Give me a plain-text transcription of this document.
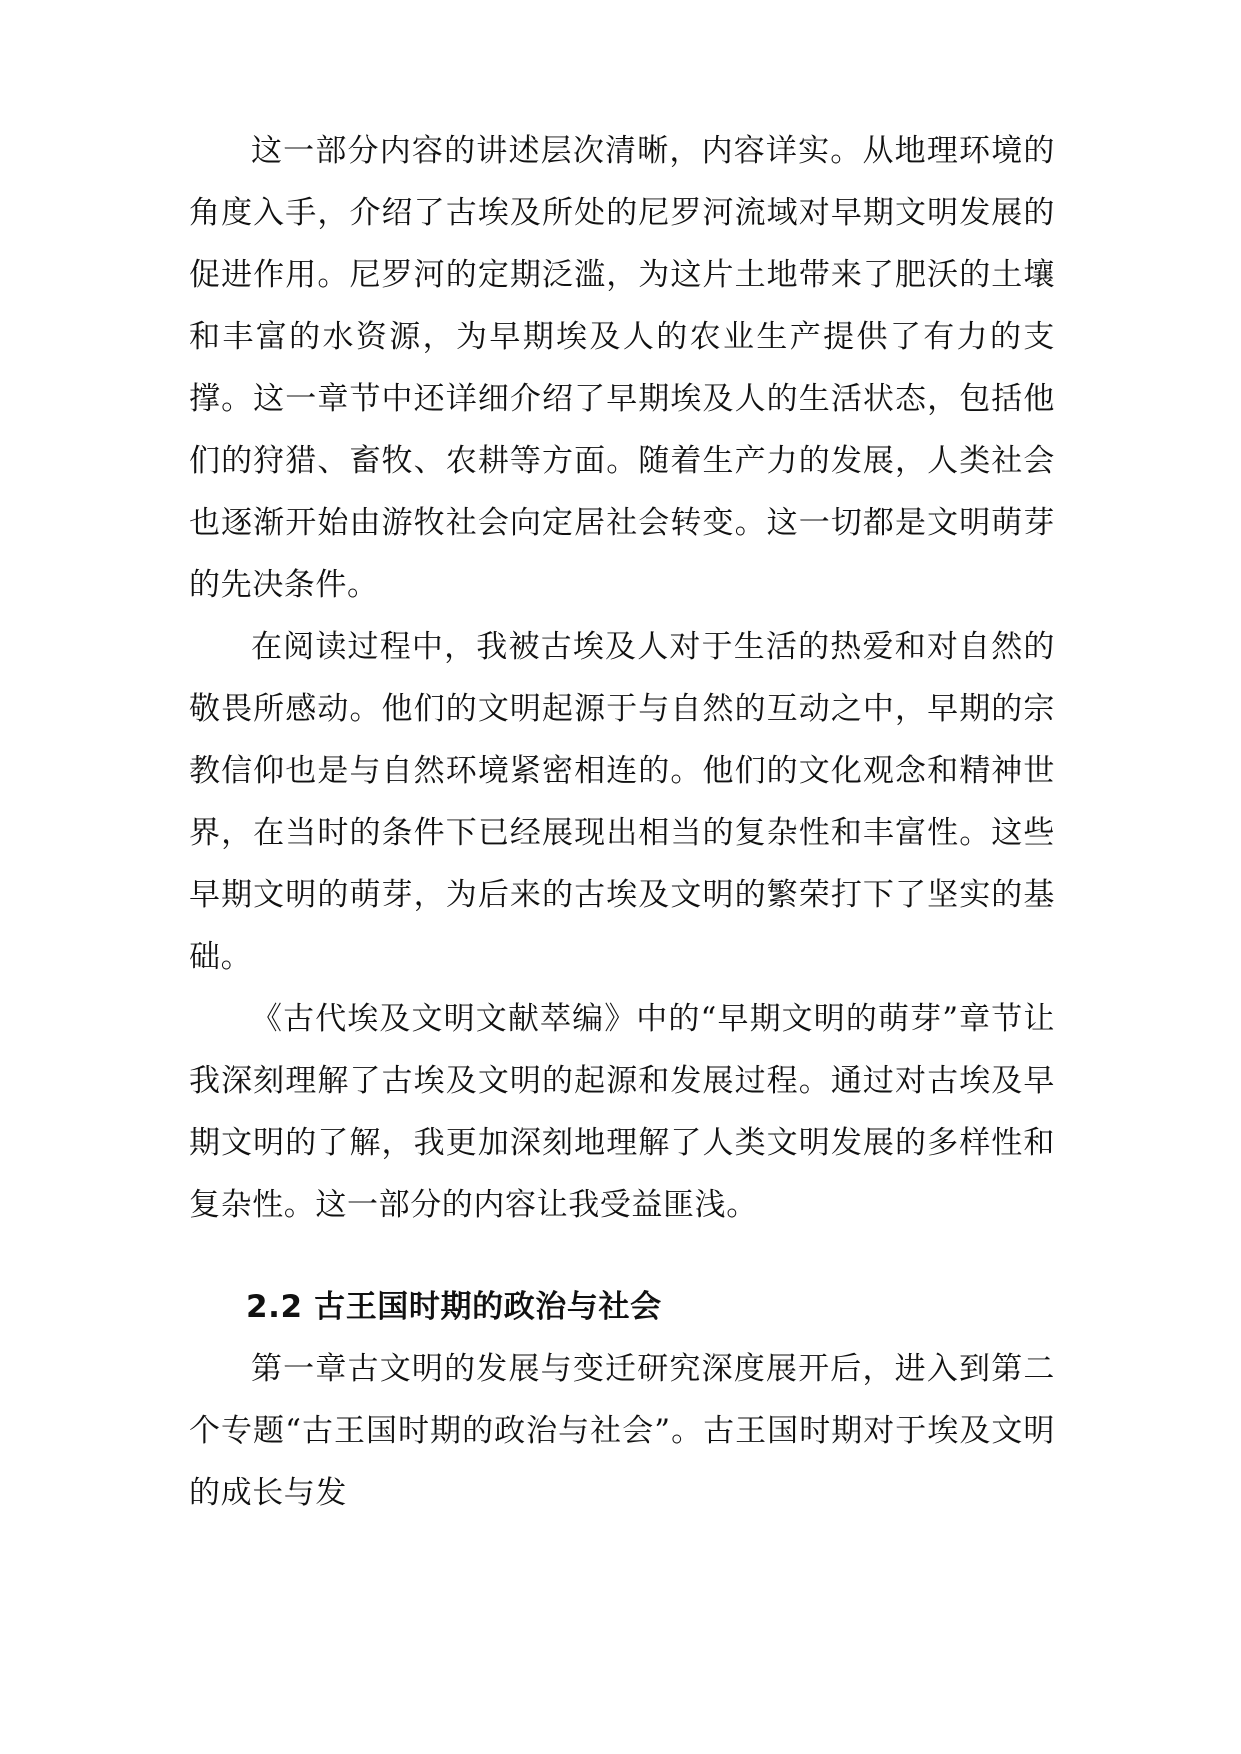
这一部分内容的讲述层次清晰，内容详实。从地理环境的角度入手，介绍了古埃及所处的尼罗河流域对早期文明发展的促进作用。尼罗河的定期泛滥，为这片土地带来了肥沃的土壤和丰富的水资源，为早期埃及人的农业生产提供了有力的支撑。这一章节中还详细介绍了早期埃及人的生活状态，包括他们的狩猎、畜牧、农耕等方面。随着生产力的发展，人类社会也逐渐开始由游牧社会向定居社会转变。这一切都是文明萌芽的先决条件。

在阅读过程中，我被古埃及人对于生活的热爱和对自然的敬畏所感动。他们的文明起源于与自然的互动之中，早期的宗教信仰也是与自然环境紧密相连的。他们的文化观念和精神世界，在当时的条件下已经展现出相当的复杂性和丰富性。这些早期文明的萌芽，为后来的古埃及文明的繁荣打下了坚实的基础。

《古代埃及文明文献萃编》中的“早期文明的萌芽”章节让我深刻理解了古埃及文明的起源和发展过程。通过对古埃及早期文明的了解，我更加深刻地理解了人类文明发展的多样性和复杂性。这一部分的内容让我受益匪浅。

2.2 古王国时期的政治与社会

第一章古文明的发展与变迁研究深度展开后，进入到第二个专题“古王国时期的政治与社会”。古王国时期对于埃及文明的成长与发
